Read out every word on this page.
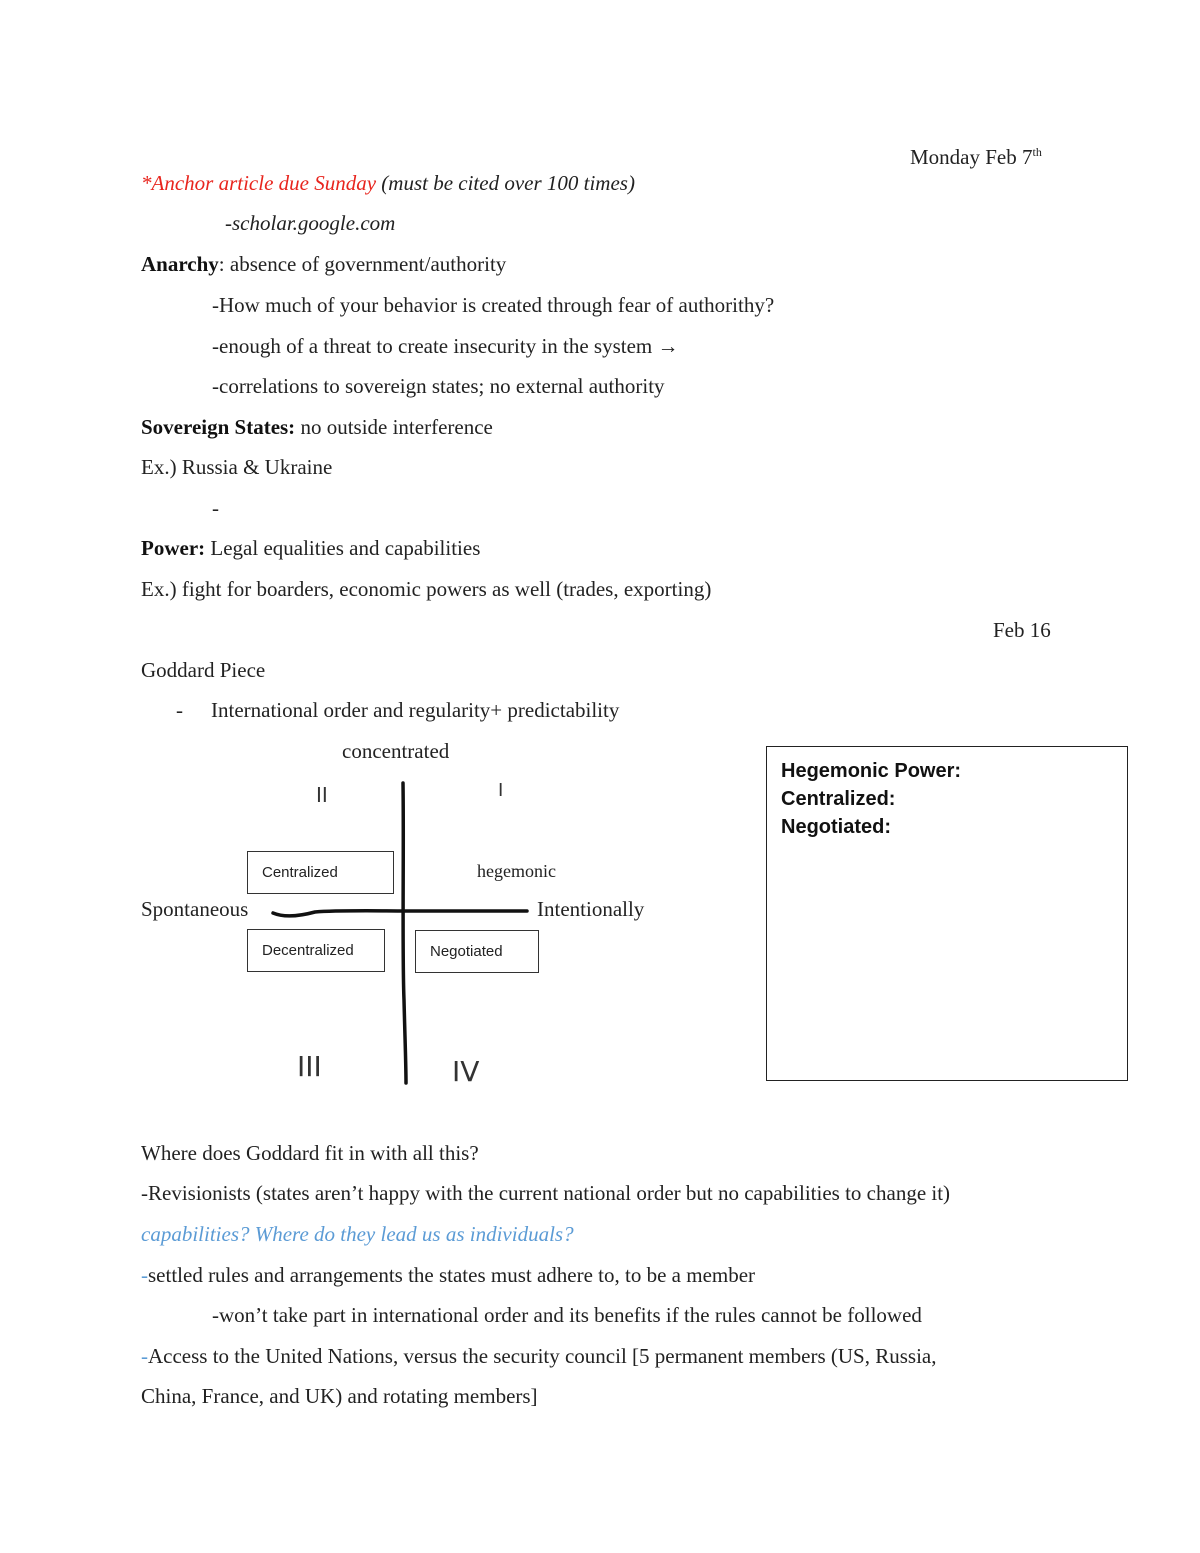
Monday Feb 7th
*Anchor article due Sunday (must be cited over 100 times)
-scholar.google.com
Anarchy: absence of government/authority
-How much of your behavior is created through fear of authorithy?
-enough of a threat to create insecurity in the system →
-correlations to sovereign states; no external authority
Sovereign States: no outside interference
Ex.) Russia & Ukraine
-
Power: Legal equalities and capabilities
Ex.) fight for boarders, economic powers as well (trades, exporting)
Feb 16
Goddard Piece
- International order and regularity+ predictability
concentrated
Spontaneous	Intentionally
hegemonic
II	I
III	IV
Centralized
Decentralized	Negotiated
Hegemonic Power:
Centralized:
Negotiated:
Where does Goddard fit in with all this?
-Revisionists (states aren’t happy with the current national order but no capabilities to change it)
capabilities? Where do they lead us as individuals?
-settled rules and arrangements the states must adhere to, to be a member
-won’t take part in international order and its benefits if the rules cannot be followed
-Access to the United Nations, versus the security council [5 permanent members (US, Russia,
China, France, and UK) and rotating members]
